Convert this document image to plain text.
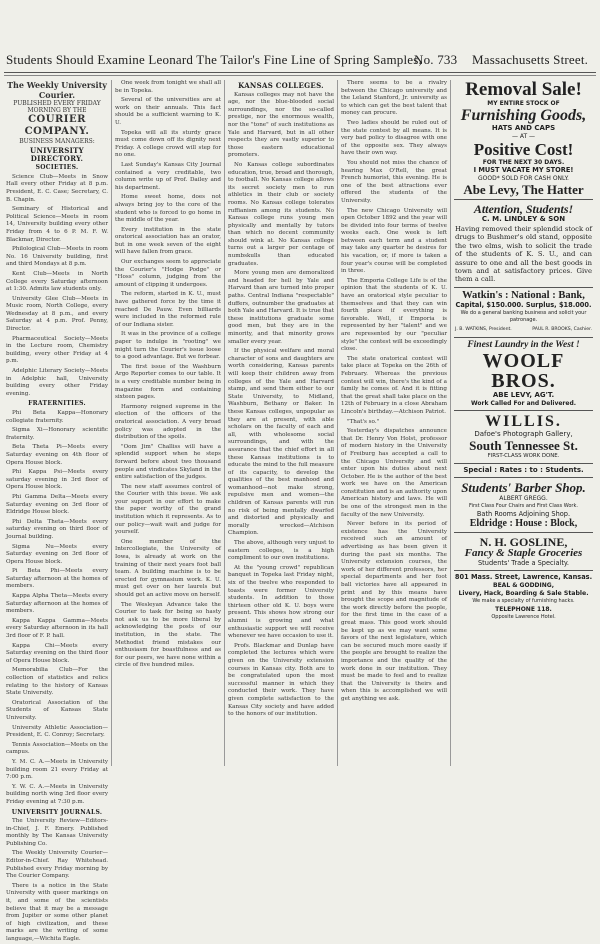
Students Should Examine Leonard The Tailor's Fine Line of Spring Samples,
No. 733 Massachusetts Street.
The Weekly University Courier.
PUBLISHED EVERY FRIDAY MORNING BY THE
COURIER COMPANY.
BUSINESS MANAGERS:
UNIVERSITY DIRECTORY.
SOCIETIES.

Science Club—Meets in Snow Hall every other Friday at 8 p.m. President, E. C. Case; Secretary, C. B. Chapin.

Seminary of Historical and Political Science—Meets in room 14, University building every other Friday from 4 to 6 P. M. F. W. Blackmar, Director.

Philological Club—Meets in room No. 16 University building, first and third Mondays at 8 p.m.

Kent Club—Meets in North College every Saturday afternoon at 1:30. Admits law students only.

University Glee Club—Meets in Music room, North College, every Wednesday at 8 p.m., and every Saturday at 4 p.m. Prof. Penny, Director.

Pharmaceutical Society—Meets in the Lecture room, Chemistry building, every other Friday at 4 p.m.

Adelphic Literary Society—Meets in Adelphic hall, University building every other Friday evening.

FRATERNITIES.

Phi Beta Kappa—Honorary collegiate fraternity.

Sigma Xi—Honorary scientific fraternity.

Beta Theta Pi—Meets every Saturday evening on 4th floor of Opera House block.

Phi Kappa Psi—Meets every saturday evening in 3rd floor of Opera House block.

Phi Gamma Delta—Meets every Saturday evening on 3rd floor of Eldridge House block.

Phi Delta Theta—Meets every saturday evening on third floor of Journal building.

Sigma Nu—Meets every Saturday evening on 3rd floor of Opera House block.

Pi Beta Phi—Meets every Saturday afternoon at the homes of members.

Kappa Alpha Theta—Meets every Saturday afternoon at the homes of members.

Kappa Kappa Gamma—Meets every Saturday afternoon in its hall 3rd floor of F. P. hall.

Kappa Chi—Meets every Saturday evening on the third floor of Opera House block.

Memorabilia Club—For the collection of statistics and relics relating to the history of Kansas State University.

Oratorical Association of the Students of Kansas State University.

University Athletic Association—President, E. C. Conroy; Secretary.

Tennis Association—Meets on the campus.

Y. M. C. A.—Meets in University building room 21 every Friday at 7:00 p.m.

Y. W. C. A.—Meets in University building north wing 3rd floor every Friday evening at 7:30 p.m.

UNIVERSITY JOURNALS.

The University Review—Editors-in-Chief, J. F. Emery. Published monthly by The Kansas University Publishing Co.

The Weekly University Courier—Editor-in-Chief. Ray Whitehead. Published every Friday morning by The Courier Company.

There is a notice in the State University with queer markings on it, and some of the scientists believe that it may be a message from Jupiter or some other planet of high civilization, and these marks are the writing of some language,—Wichita Eagle.

One week from tonight we shall all be in Topeka.

Several of the universities are at work on their annuals. This fact should be a sufficient warning to K. U.

Topeka will all its sturdy grace must come down off its dignity next Friday. A college crowd will step for no one.

Last Sunday's Kansas City Journal contained a very creditable, two column write up of Prof. Dailey and his department.

Home sweet home, does not always bring joy to the core of the student who is forced to go home in the middle of the year.

Every institution in the state oratorical association has an orator, but in one week seven of the eight will have fallen from grace.

Our exchanges seem to appreciate the Courier's "Hodge Podge" or "Hoss" column, judging from the amount of clipping it undergoes.

The reform, started in K. U., must have gathered force by the time it reached De Pauw. Even billiards were included in the reformed rule of our Indiana sister.

It was in the province of a college paper to indulge in "rooting" we might turn the Courier's issue loose to a good advantage. But we forbear.

The first issue of the Washburn Argo Reporter comes to our table. It is a very creditable number being in magazine form and containing sixteen pages.

Harmony reigned supreme in the election of the officers of the oratorical association. A very broad policy was adopted in the distribution of the spoils.

"Oom Jim" Challiss will have a splendid support when he steps forward before about two thousand people and vindicates Skyland in the entire satisfaction of the judges.

The new staff assumes control of the Courier with this issue. We ask your support in our effort to make the paper worthy of the grand institution which it represents. As to our policy—wait wait and judge for yourself.

One member of the Intercollegiate, the University of Iowa, is already at work on the training of their next years foot ball team. A building machine is to be erected for gymnasium work. K. U. must get over on her laurels but should get an active move on herself.

The Wesleyan Advance take the Courier to task for being so hasty not ask us to be more liberal by acknowledging the posts of our institution, in the state. The Methodist friend mistakes our enthusiasm for boastfulness and as for our peers, we have none within a circle of five hundred miles.

KANSAS COLLEGES.

Kansas colleges may not have the age, nor the blue-blooded social surroundings, nor the so-called prestige, nor the enormous wealth, nor the "tone" of such institutions as Yale and Harvard, but in all other respects they are vastly superior to those eastern educational promoters.

No Kansas college subordinates education, true, broad and thorough, to football. No Kansas college allows its secret society men to run athletics in their club or society rooms. No Kansas college tolerates ruffianism among its students. No Kansas college runs young men physically and mentally by tutors than which no decent community should wink at. No Kansas college turns out a larger per centage of numbskulls than educated graduates.

More young men are demoralized and headed for hell by Yale and Harvard than are turned into proper paths. Central Indiana "respectable" duffers, outnumber the graduates at both Yale and Harvard. It is true that these institutions graduate some good men, but they are in the minority, and that minority grows smaller every year.

If the physical welfare and moral character of sons and daughters are worth considering, Kansas parents will keep their children away from colleges of the Yale and Harvard stamp, and send them either to our State University, to Midland, Washburn, Bethany or Baker. In these Kansas colleges, unpopular as they are at present, with able scholars on the faculty of each and all, with wholesome social surroundings, and with the assurance that the chief effort in all these Kansas institutions is to educate the mind to the full measure of its capacity, to develop the qualities of the best manhood and womanhood—not make strong, repulsive men and women—the children of Kansas parents will run no risk of being mentally dwarfed and distorted and physically and morally wrecked—Atchison Champion.

The above, although very unjust to eastern colleges, is a high compliment to our own institutions.

At the "young crowd" republican banquet in Topeka last Friday night, six of the twelve who responded to toasts were former University students. In addition to those thirteen other old K. U. boys were present. This shows how strong our alumni is growing and what enthusiastic support we will receive whenever we have occasion to use it.

Profs. Blackmar and Dunlap have completed the lectures which were given on the University extension courses in Kansas city. Both are to be congratulated upon the most successful manner in which they conducted their work. They have given complete satisfaction to the Kansas City society and have added to the honors of our institution.

There seems to be a rivalry between the Chicago university and the Leland Stanford, Jr. university as to which can get the best talent that money can procure.

Two ladies should be ruled out of the state contest by all means. It is very bad policy to disagree with one of the opposite sex. They always have their own way.

You should not miss the chance of hearing Max O'Rell, the great French humorist, this evening. He is one of the best attractions ever offered the students of the University.

The new Chicago University will open October 1892 and the year will be divided into four terms of twelve weeks each. One week is left between each term and a student may take any quarter he desires for his vacation, or, if more is taken a four year's course will be completed in three.

The Emporia College Life is of the opinion that the students of K. U. have an oratorical style peculiar to themselves and that they can win fourth place if everything is favorable. Well, if Emporia is represented by her "talent" and we are represented by our "peculiar style" the contest will be exceedingly close.

The state oratorical contest will take place at Topeka on the 26th of February. Whereas the previous contest will win, there's the kind of a family he comes of. And it is fitting that the great shall take place on the 12th of February in a close Abraham Lincoln's birthday.—Atchison Patriot.

"That's so."

Yesterday's dispatches announce that Dr. Henry Von Holst, professor of modern history in the University of Freiburg has accepted a call to the Chicago University and will enter upon his duties about next October. He is the author of the best work we have on the American constitution and is an authority upon American history and laws. He will be one of the strongest men in the faculty of the new University.

Never before in its period of existence has the University received such an amount of advertising as has been given it during the past six months. The University extension courses, the work of her different professors, her special departments and her foot ball victories have all appeared in print and by this means have brought the scope and magnitude of the work directly before the people, for the first time in the case of a great mass. This good work should be kept up as we may want some favors of the next legislature, which can be secured much more easily if the people are brought to realize the importance and the quality of the work done in our institution. They must be made to feel and to realize that the University is theirs and when this is accomplished we will get anything we ask.

Removal Sale!

MY ENTIRE STOCK OF

Furnishing Goods,

HATS AND CAPS

— AT —

Positive Cost!

FOR THE NEXT 30 DAYS.

I MUST VACATE MY STORE!

GOOD* SOLD FOR CASH ONLY.

Abe Levy, The Hatter

Attention, Students!

C. M. LINDLEY & SON

Having removed their splendid stock of drugs to Bushmer's old stand, opposite the two elms, wish to solicit the trade of the students of K. S. U., and can assure to one and all the best goods in town and at satisfactory prices. Give them a call.

Watkin's : National : Bank,

Capital, $150.000. Surplus, $18.000.

We do a general banking business and solicit your patronage.

J. B. WATKINS, President.	PAUL R. BROOKS, Cashier.

Finest Laundry in the West !

WOOLF BROS.

ABE LEVY, AG'T.

Work Called For and Delivered.

WILLIS.

Dafoe's Photograph Gallery,

South Tennessee St.

FIRST-CLASS WORK DONE.

Special : Rates : to : Students.

Students' Barber Shop.

ALBERT GREGG.

First Class Four Chairs and First Class Work.

Bath Rooms Adjoining Shop.

Eldridge : House : Block,

N. H. GOSLINE,

Fancy & Staple Groceries

Students' Trade a Specialty.

801 Mass. Street, Lawrence, Kansas.

BEAL & GODDING,

Livery, Hack, Boarding & Sale Stable.

We make a specialty of furnishing hacks.

TELEPHONE 118.

Opposite Lawrence Hotel.
